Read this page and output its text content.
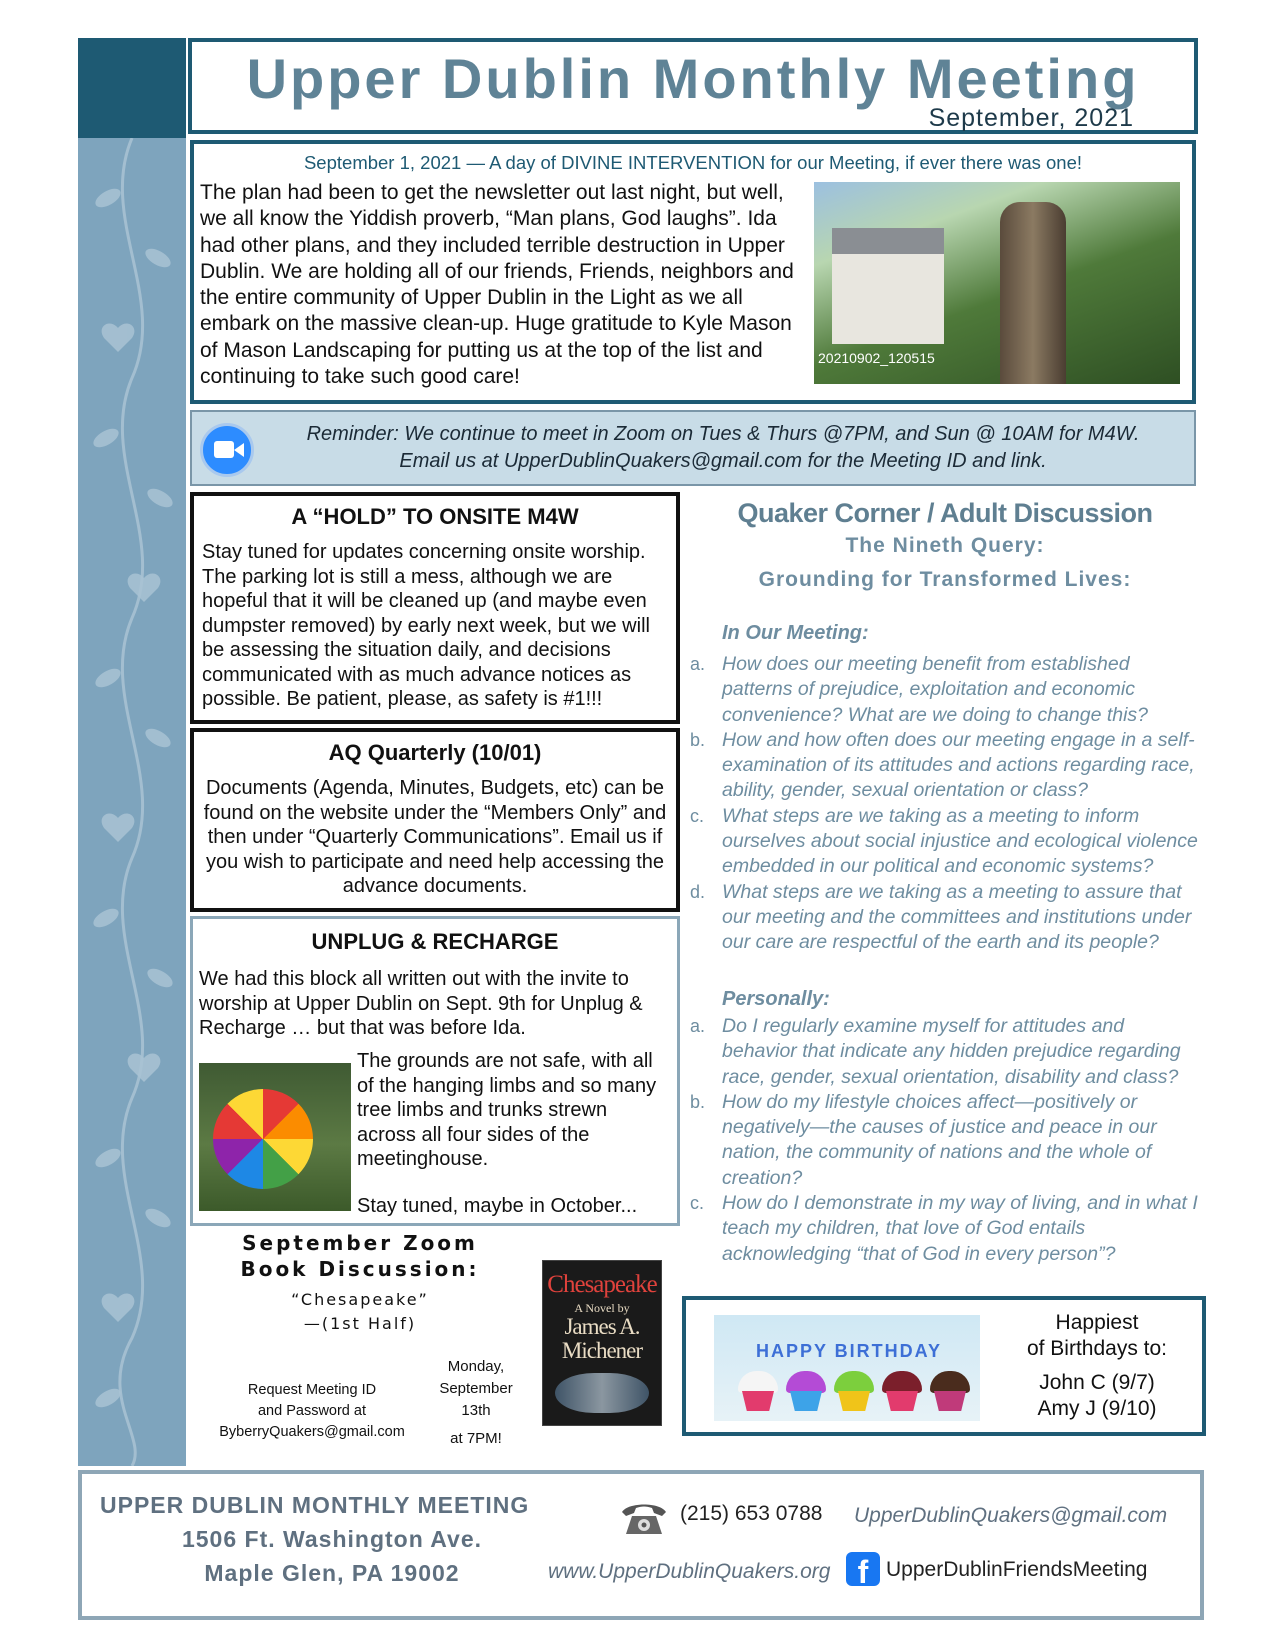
Upper Dublin Monthly Meeting
September, 2021
September 1, 2021 — A day of DIVINE INTERVENTION for our Meeting, if ever there was one!
The plan had been to get the newsletter out last night, but well, we all know the Yiddish proverb, “Man plans, God laughs”. Ida had other plans, and they included terrible destruction in Upper Dublin. We are holding all of our friends, Friends, neighbors and the entire community of Upper Dublin in the Light as we all embark on the massive clean-up. Huge gratitude to Kyle Mason of Mason Landscaping for putting us at the top of the list and continuing to take such good care!
20210902_120515
Reminder: We continue to meet in Zoom on Tues & Thurs @7PM, and Sun @ 10AM for M4W.
Email us at UpperDublinQuakers@gmail.com for the Meeting ID and link.
A “HOLD” TO ONSITE M4W
Stay tuned for updates concerning onsite worship. The parking lot is still a mess, although we are hopeful that it will be cleaned up (and maybe even dumpster removed) by early next week, but we will be assessing the situation daily, and decisions communicated with as much advance notices as possible. Be patient, please, as safety is #1!!!
AQ Quarterly (10/01)
Documents (Agenda, Minutes, Budgets, etc) can be found on the website under the “Members Only” and then under “Quarterly Communications”. Email us if you wish to participate and need help accessing the advance documents.
UNPLUG & RECHARGE
We had this block all written out with the invite to worship at Upper Dublin on Sept. 9th for Unplug & Recharge … but that was before Ida.
The grounds are not safe, with all of the hanging limbs and so many tree limbs and trunks strewn across all four sides of the meetinghouse.
Stay tuned, maybe in October...
September Zoom
Book Discussion:
“Chesapeake”
—(1st Half)
Request Meeting ID
and Password at
ByberryQuakers@gmail.com
Monday,
September
13th
at 7PM!
Chesapeake
A Novel by
James A.
Michener
Quaker Corner / Adult Discussion
The Nineth Query:
Grounding for Transformed Lives:
In Our Meeting:
a. How does our meeting benefit from established patterns of prejudice, exploitation and economic convenience? What are we doing to change this?
b. How and how often does our meeting engage in a self-examination of its attitudes and actions regarding race, ability, gender, sexual orientation or class?
c. What steps are we taking as a meeting to inform ourselves about social injustice and ecological violence embedded in our political and economic systems?
d. What steps are we taking as a meeting to assure that our meeting and the committees and institutions under our care are respectful of the earth and its people?
Personally:
a. Do I regularly examine myself for attitudes and behavior that indicate any hidden prejudice regarding race, gender, sexual orientation, disability and class?
b. How do my lifestyle choices affect—positively or negatively—the causes of justice and peace in our nation, the community of nations and the whole of creation?
c. How do I demonstrate in my way of living, and in what I teach my children, that love of God entails acknowledging “that of God in every person”?
HAPPY BIRTHDAY
Happiest
of Birthdays to:
John C (9/7)
Amy J (9/10)
UPPER DUBLIN MONTHLY MEETING
1506 Ft. Washington Ave.
Maple Glen, PA 19002
(215) 653 0788 UpperDublinQuakers@gmail.com
www.UpperDublinQuakers.org f UpperDublinFriendsMeeting
